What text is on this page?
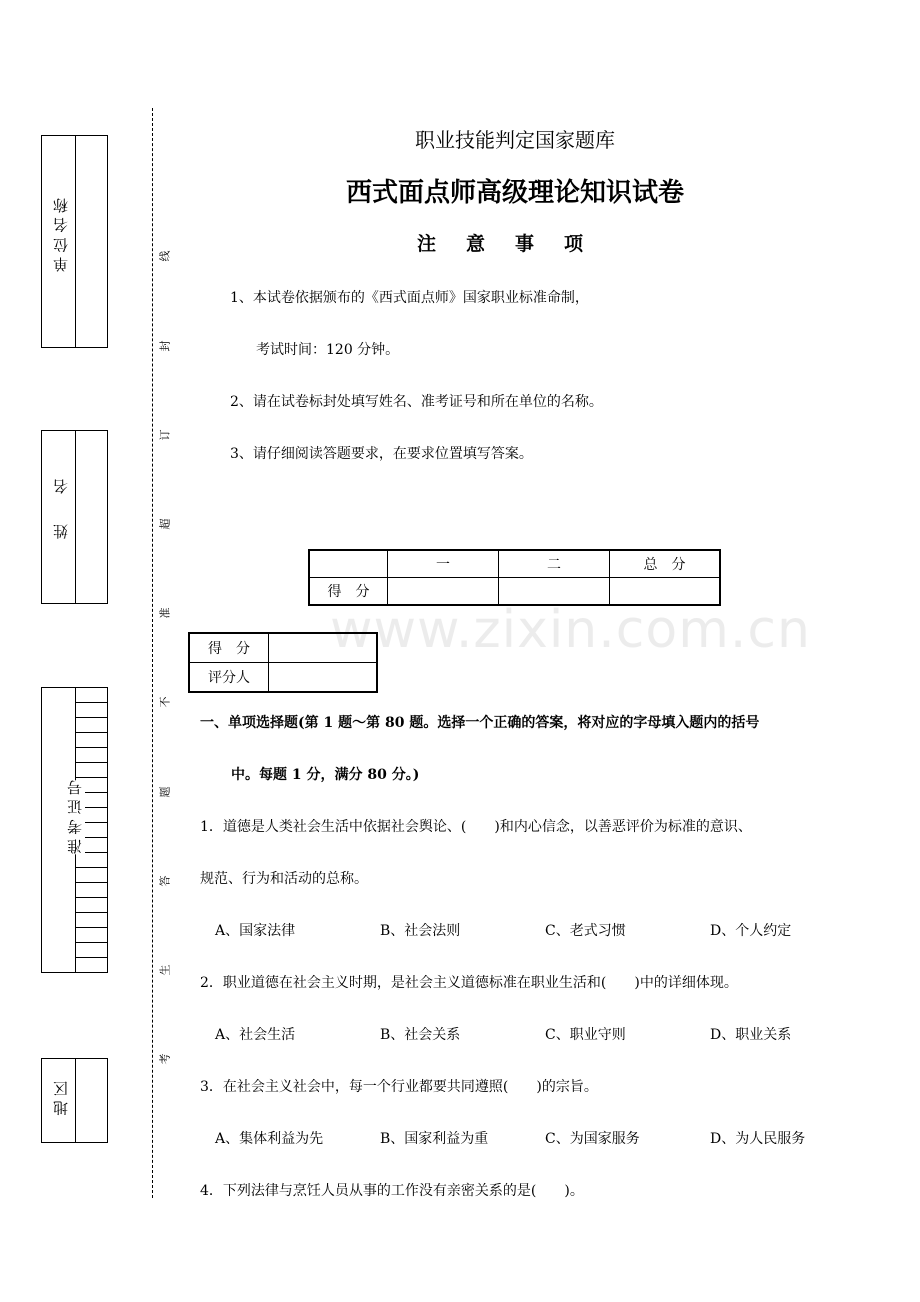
单 位 名 称
姓　　名
准 考 证 号
地 区
线
封
订
超
准
不
题
答
生
考
职业技能判定国家题库
西式面点师高级理论知识试卷
注意事项
1、本试卷依据颁布的《西式面点师》国家职业标准命制，
考试时间：120 分钟。
2、请在试卷标封处填写姓名、准考证号和所在单位的名称。
3、请仔细阅读答题要求，在要求位置填写答案。
www.zixin.com.cn
	一	二	总　分
得　分			
得　分	
评分人	
一、单项选择题(第 1 题～第 80 题。选择一个正确的答案，将对应的字母填入题内的括号
中。每题 1 分，满分 80 分。)
1．道德是人类社会生活中依据社会舆论、(　　)和内心信念，以善恶评价为标准的意识、
规范、行为和活动的总称。
A、国家法律	B、社会法则	C、老式习惯	D、个人约定
2．职业道德在社会主义时期，是社会主义道德标准在职业生活和(　　)中的详细体现。
A、社会生活	B、社会关系	C、职业守则	D、职业关系
3．在社会主义社会中，每一个行业都要共同遵照(　　)的宗旨。
A、集体利益为先	B、国家利益为重	C、为国家服务	D、为人民服务
4．下列法律与烹饪人员从事的工作没有亲密关系的是(　　)。
